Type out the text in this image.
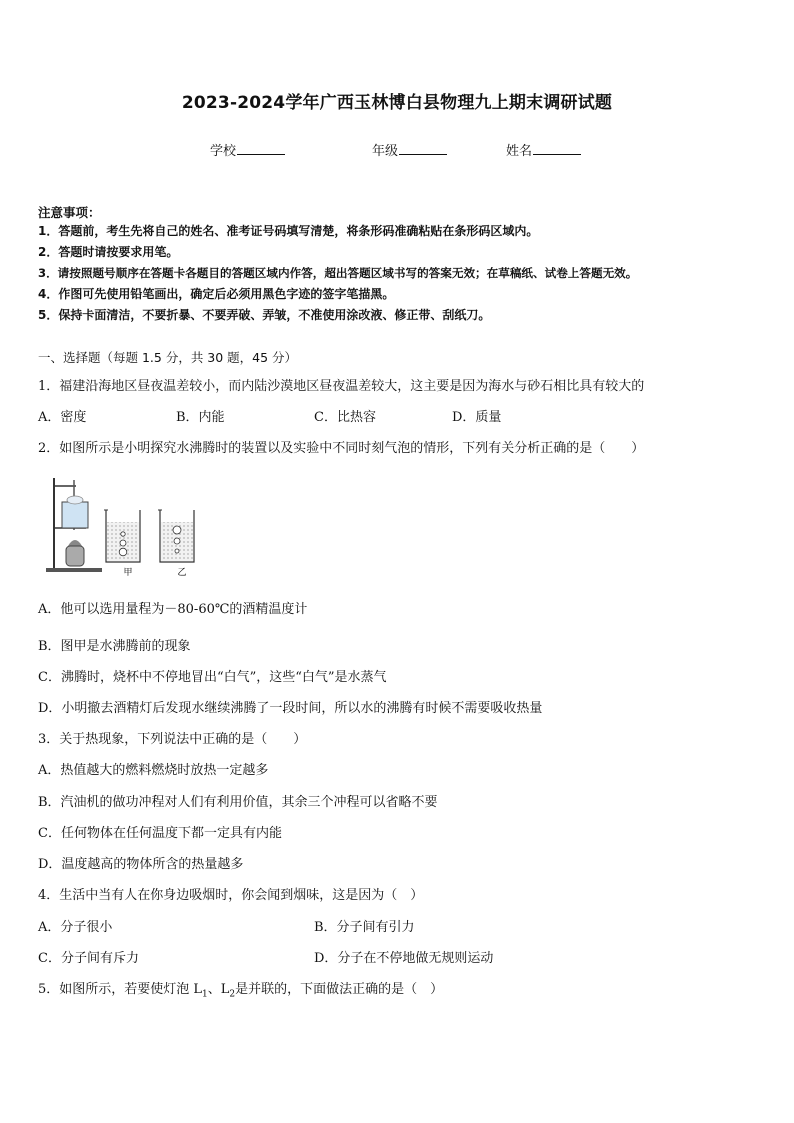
2023-2024学年广西玉林博白县物理九上期末调研试题
学校	年级	姓名
注意事项：
1．答题前，考生先将自己的姓名、准考证号码填写清楚，将条形码准确粘贴在条形码区域内。
2．答题时请按要求用笔。
3．请按照题号顺序在答题卡各题目的答题区域内作答，超出答题区域书写的答案无效；在草稿纸、试卷上答题无效。
4．作图可先使用铅笔画出，确定后必须用黑色字迹的签字笔描黑。
5．保持卡面清洁，不要折暴、不要弄破、弄皱，不准使用涂改液、修正带、刮纸刀。
一、选择题（每题 1.5 分，共 30 题，45 分）
1．福建沿海地区昼夜温差较小，而内陆沙漠地区昼夜温差较大，这主要是因为海水与砂石相比具有较大的
A．密度	B．内能	C．比热容	D．质量
2．如图所示是小明探究水沸腾时的装置以及实验中不同时刻气泡的情形，下列有关分析正确的是（　　）
甲	乙
A．他可以选用量程为－80-60℃的酒精温度计
B．图甲是水沸腾前的现象
C．沸腾时，烧杯中不停地冒出“白气”，这些“白气”是水蒸气
D．小明撤去酒精灯后发现水继续沸腾了一段时间，所以水的沸腾有时候不需要吸收热量
3．关于热现象，下列说法中正确的是（　　）
A．热值越大的燃料燃烧时放热一定越多
B．汽油机的做功冲程对人们有利用价值，其余三个冲程可以省略不要
C．任何物体在任何温度下都一定具有内能
D．温度越高的物体所含的热量越多
4．生活中当有人在你身边吸烟时，你会闻到烟味，这是因为（　）
A．分子很小	B．分子间有引力
C．分子间有斥力	D．分子在不停地做无规则运动
5．如图所示，若要使灯泡 $L_1$、$L_2$是并联的，下面做法正确的是（　）
